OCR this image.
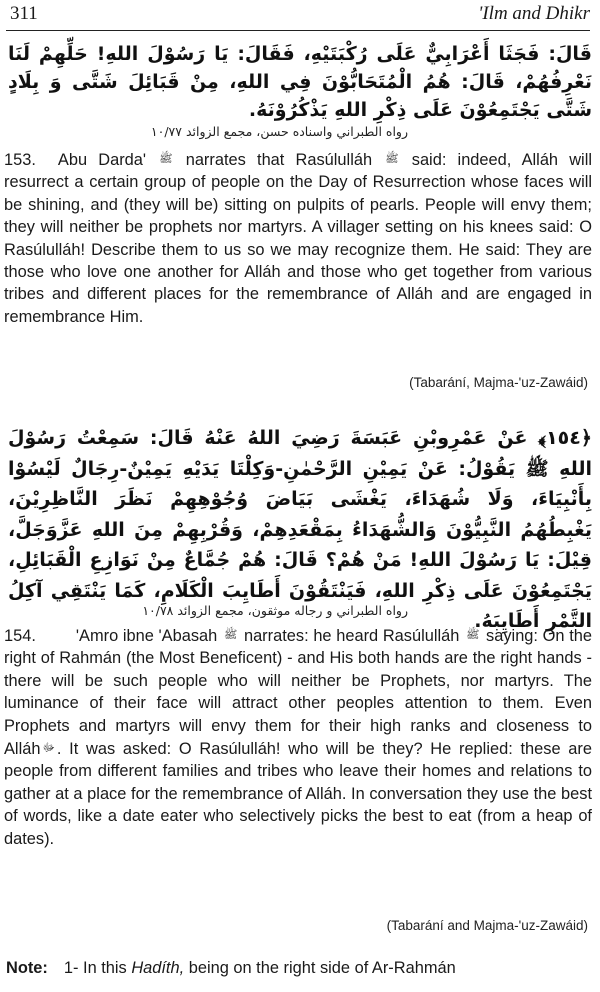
311	'Ilm and Dhikr
قَالَ: فَجَثَا أَعْرَابِيٌّ عَلَى رُكْبَتَيْهِ، فَقَالَ: يَا رَسُوْلَ اللهِ! حَلِّهِمْ لَنَا نَعْرِفُهُمْ، قَالَ: هُمُ الْمُتَحَابُّوْنَ فِي اللهِ، مِنْ قَبَائِلَ شَتَّى وَ بِلَادٍ شَتَّى يَجْتَمِعُوْنَ عَلَى ذِكْرِ اللهِ يَذْكُرُوْنَهُ.
رواه الطبراني واسناده حسن، مجمع الزوائد ١٠/٧٧
153. Abu Darda' ﷺ narrates that Rasúlulláh ﷺ said: indeed, Alláh will resurrect a certain group of people on the Day of Resurrection whose faces will be shining, and (they will be) sitting on pulpits of pearls. People will envy them; they will neither be prophets nor martyrs. A villager setting on his knees said: O Rasúlulláh! Describe them to us so we may recognize them. He said: They are those who love one another for Alláh and those who get together from various tribes and different places for the remembrance of Alláh and are engaged in remembrance Him.
(Tabarání, Majma-'uz-Zawáid)
﴿١٥٤﴾ عَنْ عَمْرِوبْنِ عَبَسَةَ رَضِيَ اللهُ عَنْهُ قَالَ: سَمِعْتُ رَسُوْلَ اللهِ ﷺ يَقُوْلُ: عَنْ يَمِيْنِ الرَّحْمٰنِ-وَكِلْتَا يَدَيْهِ يَمِيْنٌ-رِجَالٌ لَيْسُوْا بِأَنْبِيَاءَ، وَلَا شُهَدَاءَ، يَغْشَى بَيَاضَ وُجُوْهِهِمْ نَظَرَ النَّاظِرِيْنَ، يَغْبِطُهُمُ النَّبِيُّوْنَ وَالشُّهَدَاءُ بِمَقْعَدِهِمْ، وَقُرْبِهِمْ مِنَ اللهِ عَزَّوَجَلَّ، قِيْلَ: يَا رَسُوْلَ اللهِ! مَنْ هُمْ؟ قَالَ: هُمْ جُمَّاعٌ مِنْ نَوَازِعِ الْقَبَائِلِ، يَجْتَمِعُوْنَ عَلَى ذِكْرِ اللهِ، فَيَنْتَقُوْنَ أَطَايِبَ الْكَلَامِ، كَمَا يَنْتَقِي آكِلُ التَّمْرِ أَطَايِبَهُ.
رواه الطبراني و رجاله موثقون، مجمع الزوائد ١٠/٧٨
154. 'Amro ibne 'Abasah ﷺ narrates: he heard Rasúlulláh ﷺ saying: On the right of Rahmán (the Most Beneficent) - and His both hands are the right hands - there will be such people who will neither be Prophets, nor martyrs. The luminance of their face will attract other peoples attention to them. Even Prophets and martyrs will envy them for their high ranks and closeness to Alláh ﷻ . It was asked: O Rasúlulláh! who will be they? He replied: these are people from different families and tribes who leave their homes and relations to gather at a place for the remembrance of Alláh. In conversation they use the best of words, like a date eater who selectively picks the best to eat (from a heap of dates).
(Tabarání and Majma-'uz-Zawáid)
Note: 1- In this Hadíth, being on the right side of Ar-Rahmán
